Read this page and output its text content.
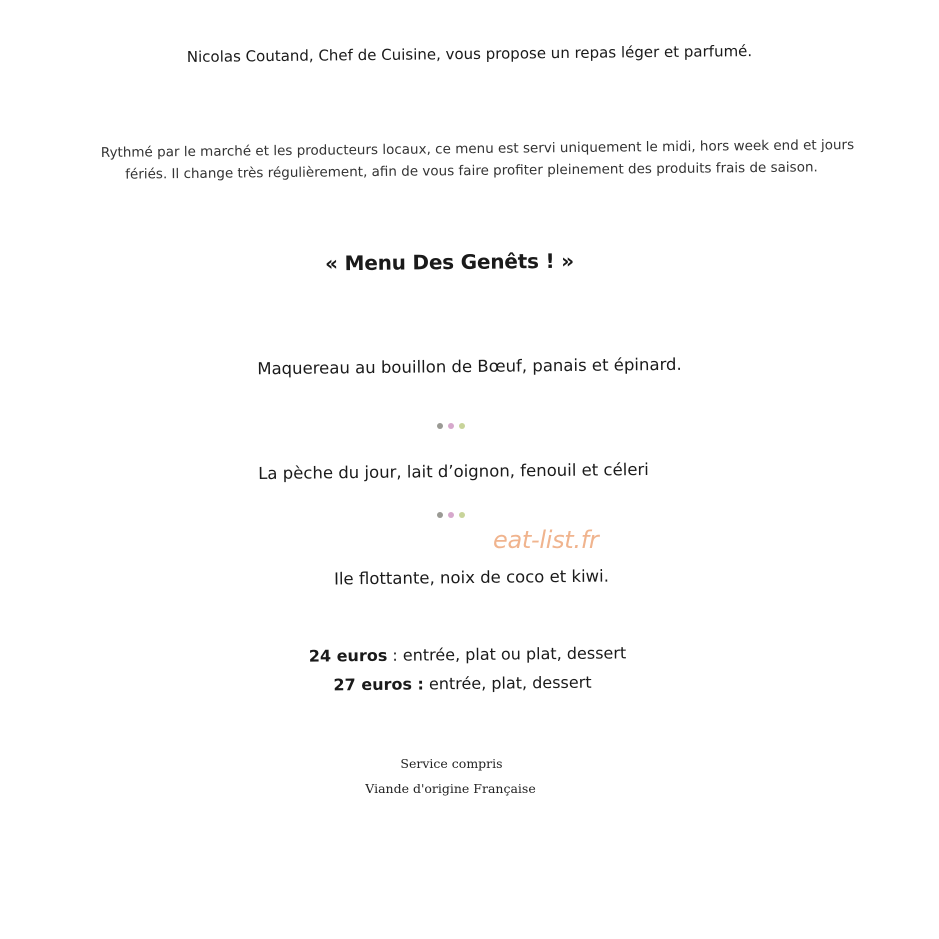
Nicolas Coutand, Chef de Cuisine, vous propose un repas léger et parfumé.
Rythmé par le marché et les producteurs locaux, ce menu est servi uniquement le midi, hors week end et jours
fériés. Il change très régulièrement, afin de vous faire profiter pleinement des produits frais de saison.
« Menu Des Genêts ! »
Maquereau au bouillon de Bœuf, panais et épinard.
La pèche du jour, lait d’oignon, fenouil et céleri
eat-list.fr
Ile flottante, noix de coco et kiwi.
24 euros : entrée, plat ou plat, dessert
27 euros : entrée, plat, dessert
Service compris
Viande d'origine Française
